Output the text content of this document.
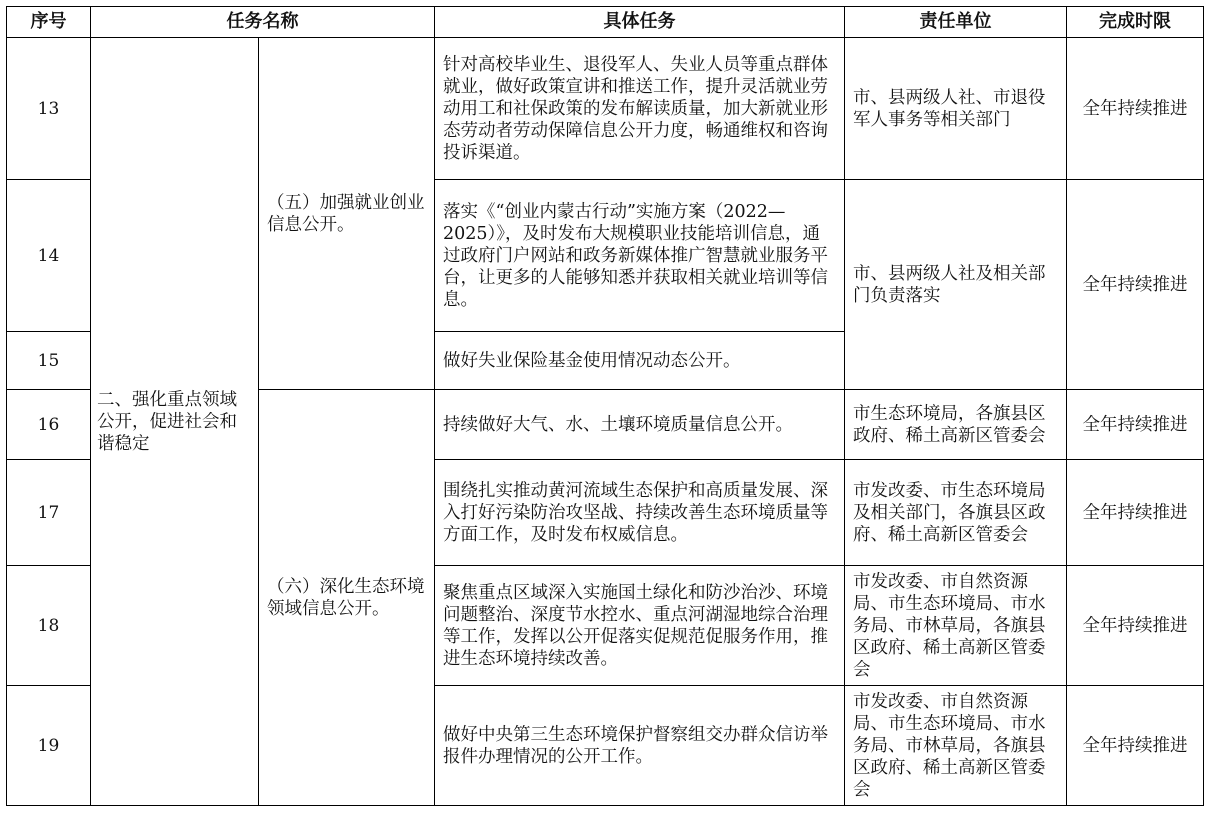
序号	任务名称		具体任务	责任单位	完成时限
13	二、强化重点领域公开，促进社会和谐稳定	（五）加强就业创业信息公开。	针对高校毕业生、退役军人、失业人员等重点群体就业，做好政策宣讲和推送工作，提升灵活就业劳动用工和社保政策的发布解读质量，加大新就业形态劳动者劳动保障信息公开力度，畅通维权和咨询投诉渠道。	市、县两级人社、市退役军人事务等相关部门	全年持续推进
14			落实《“创业内蒙古行动”实施方案（2022—2025）》，及时发布大规模职业技能培训信息，通过政府门户网站和政务新媒体推广智慧就业服务平台，让更多的人能够知悉并获取相关就业培训等信息。	市、县两级人社及相关部门负责落实	全年持续推进
15			做好失业保险基金使用情况动态公开。		
16		（六）深化生态环境领域信息公开。	持续做好大气、水、土壤环境质量信息公开。	市生态环境局，各旗县区政府、稀土高新区管委会	全年持续推进
17			围绕扎实推动黄河流域生态保护和高质量发展、深入打好污染防治攻坚战、持续改善生态环境质量等方面工作，及时发布权威信息。	市发改委、市生态环境局及相关部门，各旗县区政府、稀土高新区管委会	全年持续推进
18			聚焦重点区域深入实施国土绿化和防沙治沙、环境问题整治、深度节水控水、重点河湖湿地综合治理等工作，发挥以公开促落实促规范促服务作用，推进生态环境持续改善。	市发改委、市自然资源局、市生态环境局、市水务局、市林草局，各旗县区政府、稀土高新区管委会	全年持续推进
19			做好中央第三生态环境保护督察组交办群众信访举报件办理情况的公开工作。	市发改委、市自然资源局、市生态环境局、市水务局、市林草局，各旗县区政府、稀土高新区管委会	全年持续推进
